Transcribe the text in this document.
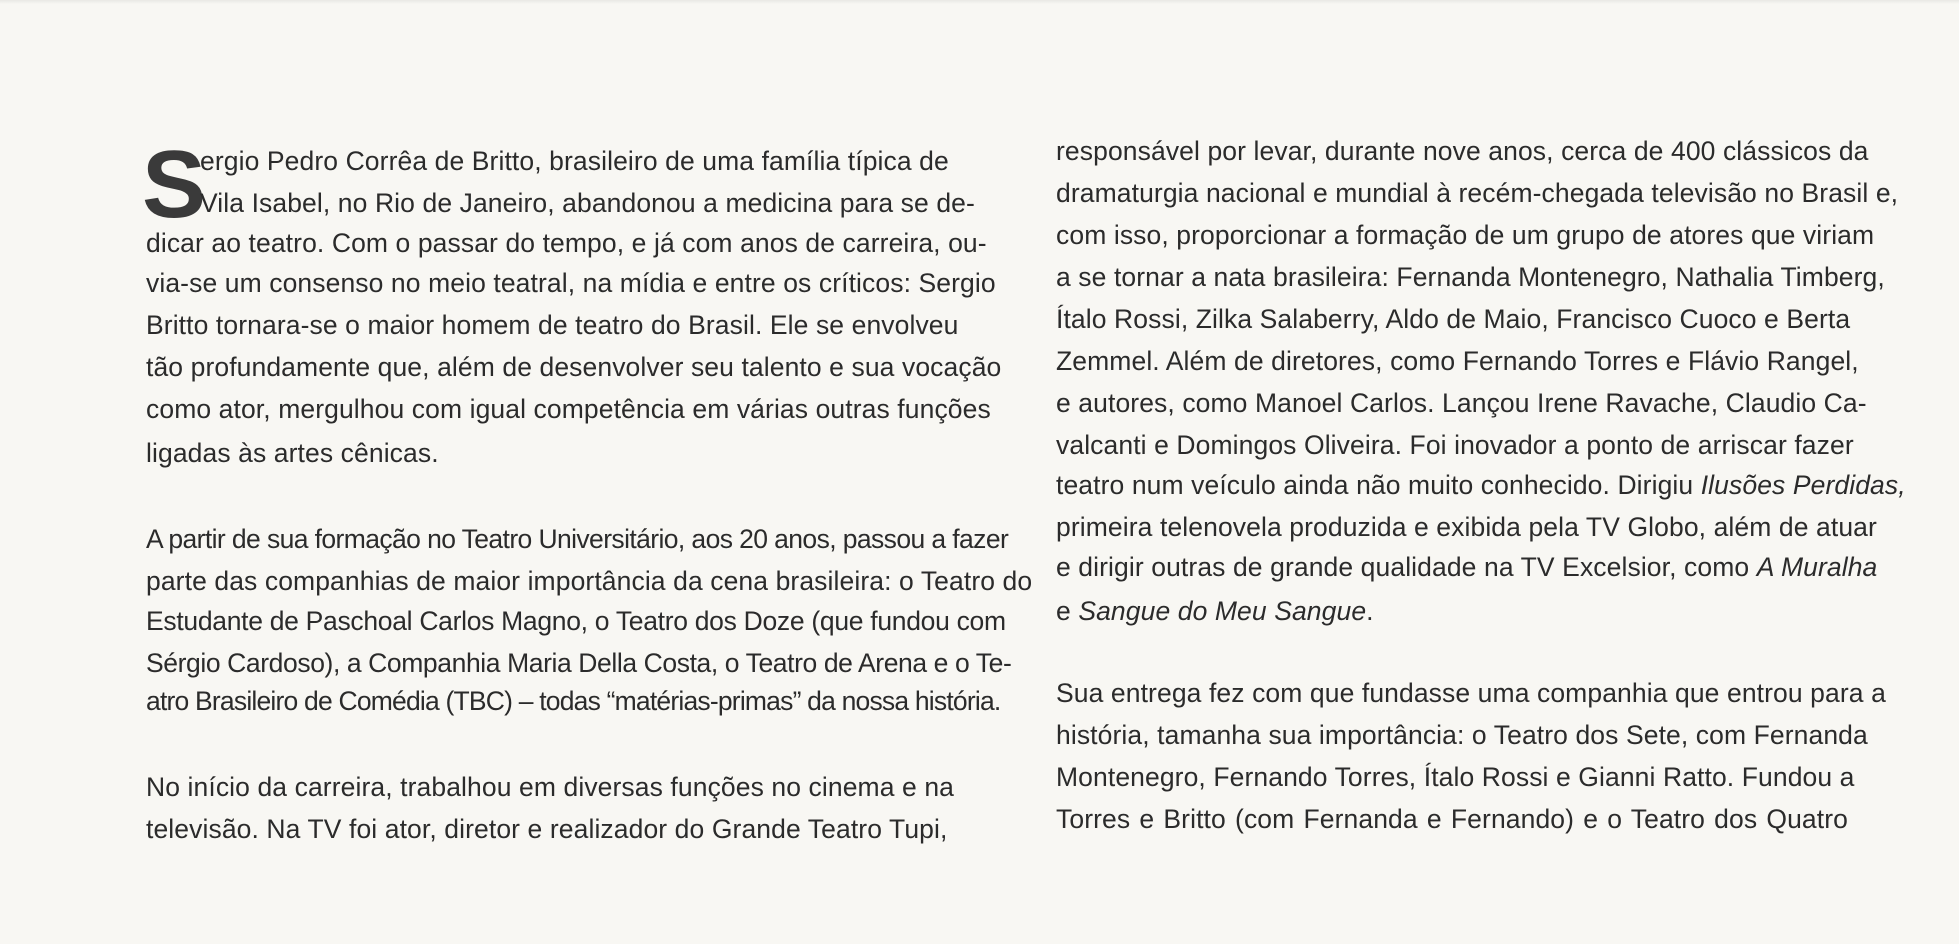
S
ergio Pedro Corrêa de Britto, brasileiro de uma família típica de
Vila Isabel, no Rio de Janeiro, abandonou a medicina para se de-
dicar ao teatro. Com o passar do tempo, e já com anos de carreira, ou-
via-se um consenso no meio teatral, na mídia e entre os críticos: Sergio
Britto tornara-se o maior homem de teatro do Brasil. Ele se envolveu
tão profundamente que, além de desenvolver seu talento e sua vocação
como ator, mergulhou com igual competência em várias outras funções
ligadas às artes cênicas.
A partir de sua formação no Teatro Universitário, aos 20 anos, passou a fazer
parte das companhias de maior importância da cena brasileira: o Teatro do
Estudante de Paschoal Carlos Magno, o Teatro dos Doze (que fundou com
Sérgio Cardoso), a Companhia Maria Della Costa, o Teatro de Arena e o Te-
atro Brasileiro de Comédia (TBC) – todas “matérias-primas” da nossa história.
No início da carreira, trabalhou em diversas funções no cinema e na
televisão. Na TV foi ator, diretor e realizador do Grande Teatro Tupi,
responsável por levar, durante nove anos, cerca de 400 clássicos da
dramaturgia nacional e mundial à recém-chegada televisão no Brasil e,
com isso, proporcionar a formação de um grupo de atores que viriam
a se tornar a nata brasileira: Fernanda Montenegro, Nathalia Timberg,
Ítalo Rossi, Zilka Salaberry, Aldo de Maio, Francisco Cuoco e Berta
Zemmel. Além de diretores, como Fernando Torres e Flávio Rangel,
e autores, como Manoel Carlos. Lançou Irene Ravache, Claudio Ca-
valcanti e Domingos Oliveira. Foi inovador a ponto de arriscar fazer
teatro num veículo ainda não muito conhecido. Dirigiu Ilusões Perdidas,
primeira telenovela produzida e exibida pela TV Globo, além de atuar
e dirigir outras de grande qualidade na TV Excelsior, como A Muralha
e Sangue do Meu Sangue.
Sua entrega fez com que fundasse uma companhia que entrou para a
história, tamanha sua importância: o Teatro dos Sete, com Fernanda
Montenegro, Fernando Torres, Ítalo Rossi e Gianni Ratto. Fundou a
Torres e Britto (com Fernanda e Fernando) e o Teatro dos Quatro
